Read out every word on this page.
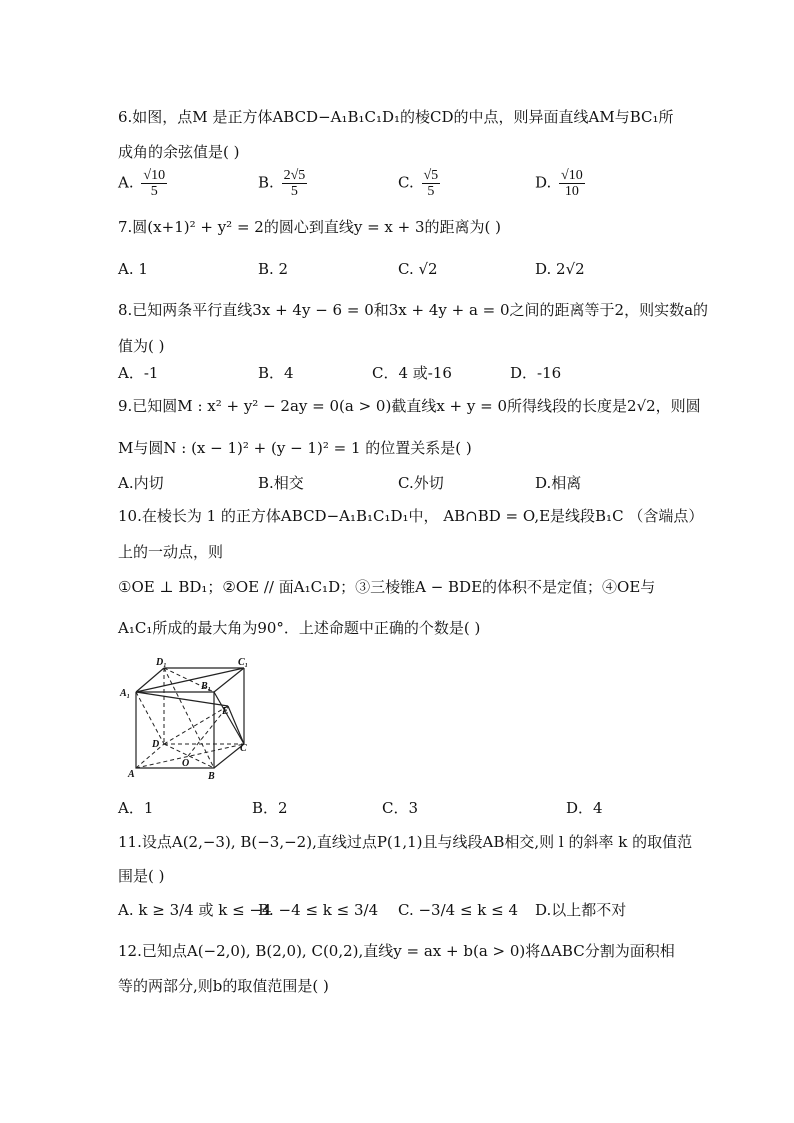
6.如图，点M 是正方体ABCD−A₁B₁C₁D₁的棱CD的中点，则异面直线AM与BC₁所
成角的余弦值是( )
A. $\frac{√10}{5}$	B. $\frac{2√5}{5}$	C. $\frac{√5}{5}$	D. $\frac{√10}{10}$
7.圆(x+1)² + y² = 2的圆心到直线y = x + 3的距离为( )
A. 1	B. 2	C. √2	D. 2√2
8.已知两条平行直线3x + 4y − 6 = 0和3x + 4y + a = 0之间的距离等于2，则实数a的
值为( )
A．-1	B．4	C．4 或-16	D．-16
9.已知圆M : x² + y² − 2ay = 0(a > 0)截直线x + y = 0所得线段的长度是2√2，则圆
M与圆N : (x − 1)² + (y − 1)² = 1 的位置关系是( )
A.内切	B.相交	C.外切	D.相离
10.在棱长为 1 的正方体ABCD−A₁B₁C₁D₁中， AB∩BD = O,E是线段B₁C （含端点）
上的一动点，则
①OE ⊥ BD₁；②OE // 面A₁C₁D；③三棱锥A − BDE的体积不是定值；④OE与
A₁C₁所成的最大角为90°．上述命题中正确的个数是( )
D₁	C₁
A₁
B₁
E
D	C
O
A	B
A．1	B．2	C．3	D．4
11.设点A(2,−3), B(−3,−2),直线过点P(1,1)且与线段AB相交,则 l 的斜率 k 的取值范
围是( )
A. k ≥ 3/4 或 k ≤ −4
B. −4 ≤ k ≤ 3/4 C. −3/4 ≤ k ≤ 4 D.以上都不对
12.已知点A(−2,0), B(2,0), C(0,2),直线y = ax + b(a > 0)将ΔABC分割为面积相
等的两部分,则b的取值范围是( )
